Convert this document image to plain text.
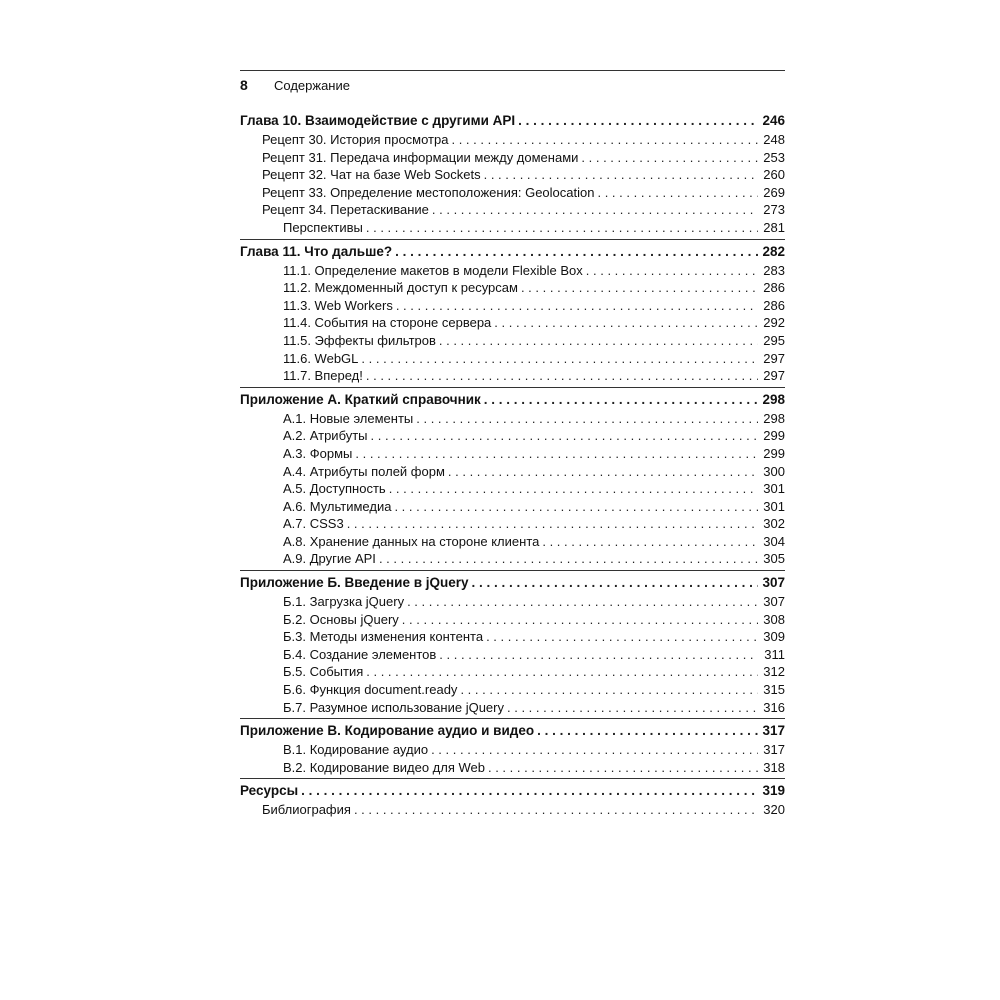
8	Содержание
Глава 10. Взаимодействие с другими API . . .	246
Рецепт 30. История просмотра . . .	248
Рецепт 31. Передача информации между доменами . . .	253
Рецепт 32. Чат на базе Web Sockets . . .	260
Рецепт 33. Определение местоположения: Geolocation . . .	269
Рецепт 34. Перетаскивание . . .	273
Перспективы . . .	281
Глава 11. Что дальше? . . .	282
11.1. Определение макетов в модели Flexible Box . . .	283
11.2. Междоменный доступ к ресурсам . . .	286
11.3. Web Workers . . .	286
11.4. События на стороне сервера . . .	292
11.5. Эффекты фильтров . . .	295
11.6. WebGL . . .	297
11.7. Вперед! . . .	297
Приложение А. Краткий справочник . . .	298
А.1. Новые элементы . . .	298
А.2. Атрибуты . . .	299
А.3. Формы . . .	299
А.4. Атрибуты полей форм . . .	300
А.5. Доступность . . .	301
А.6. Мультимедиа . . .	301
А.7. CSS3 . . .	302
А.8. Хранение данных на стороне клиента . . .	304
А.9. Другие API . . .	305
Приложение Б. Введение в jQuery . . .	307
Б.1. Загрузка jQuery . . .	307
Б.2. Основы jQuery . . .	308
Б.3. Методы изменения контента . . .	309
Б.4. Создание элементов . . .	311
Б.5. События . . .	312
Б.6. Функция document.ready . . .	315
Б.7. Разумное использование jQuery . . .	316
Приложение В. Кодирование аудио и видео . . .	317
В.1. Кодирование аудио . . .	317
В.2. Кодирование видео для Web . . .	318
Ресурсы . . .	319
Библиография . . .	320
